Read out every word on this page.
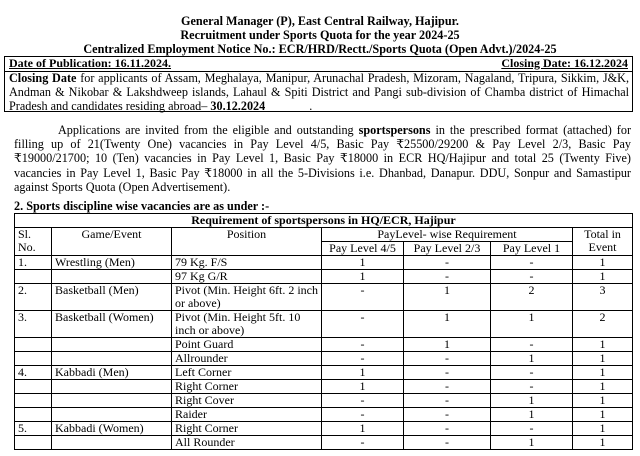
General Manager (P), East Central Railway, Hajipur.
Recruitment under Sports Quota for the year 2024-25
Centralized Employment Notice No.: ECR/HRD/Rectt./Sports Quota (Open Advt.)/2024-25
Date of Publication: 16.11.2024.	Closing Date: 16.12.2024
Closing Date for applicants of Assam, Meghalaya, Manipur, Arunachal Pradesh, Mizoram, Nagaland, Tripura, Sikkim, J&K, Andman & Nikobar & Lakshdweep islands, Lahaul & Spiti District and Pangi sub-division of Chamba district of Himachal Pradesh and candidates residing abroad– 30.12.2024	.
Applications are invited from the eligible and outstanding sportspersons in the prescribed format (attached) for filling up of 21(Twenty One) vacancies in Pay Level 4/5, Basic Pay ₹25500/29200 & Pay Level 2/3, Basic Pay ₹19000/21700; 10 (Ten) vacancies in Pay Level 1, Basic Pay ₹18000 in ECR HQ/Hajipur and total 25 (Twenty Five) vacancies in Pay Level 1, Basic Pay ₹18000 in all the 5-Divisions i.e. Dhanbad, Danapur. DDU, Sonpur and Samastipur against Sports Quota (Open Advertisement).
2. Sports discipline wise vacancies are as under :-
Requirement of sportspersons in HQ/ECR, Hajipur						
Sl. No.	Game/Event	Position	PayLevel- wise Requirement			Total in Event
			Pay Level 4/5	Pay Level 2/3	Pay Level 1	
1.	Wrestling (Men)	79 Kg. F/S	1	-	-	1
		97 Kg G/R	1	-	-	1
2.	Basketball (Men)	Pivot (Min. Height 6ft. 2 inch or above)	-	1	2	3
3.	Basketball (Women)	Pivot (Min. Height 5ft. 10 inch or above)	-	1	1	2
		Point Guard	-	1	-	1
		Allrounder	-	-	1	1
4.	Kabbadi (Men)	Left Corner	1	-	-	1
		Right Corner	1	-	-	1
		Right Cover	-	-	1	1
		Raider	-	-	1	1
5.	Kabbadi (Women)	Right Corner	1	-	-	1
		All Rounder	-	-	1	1
